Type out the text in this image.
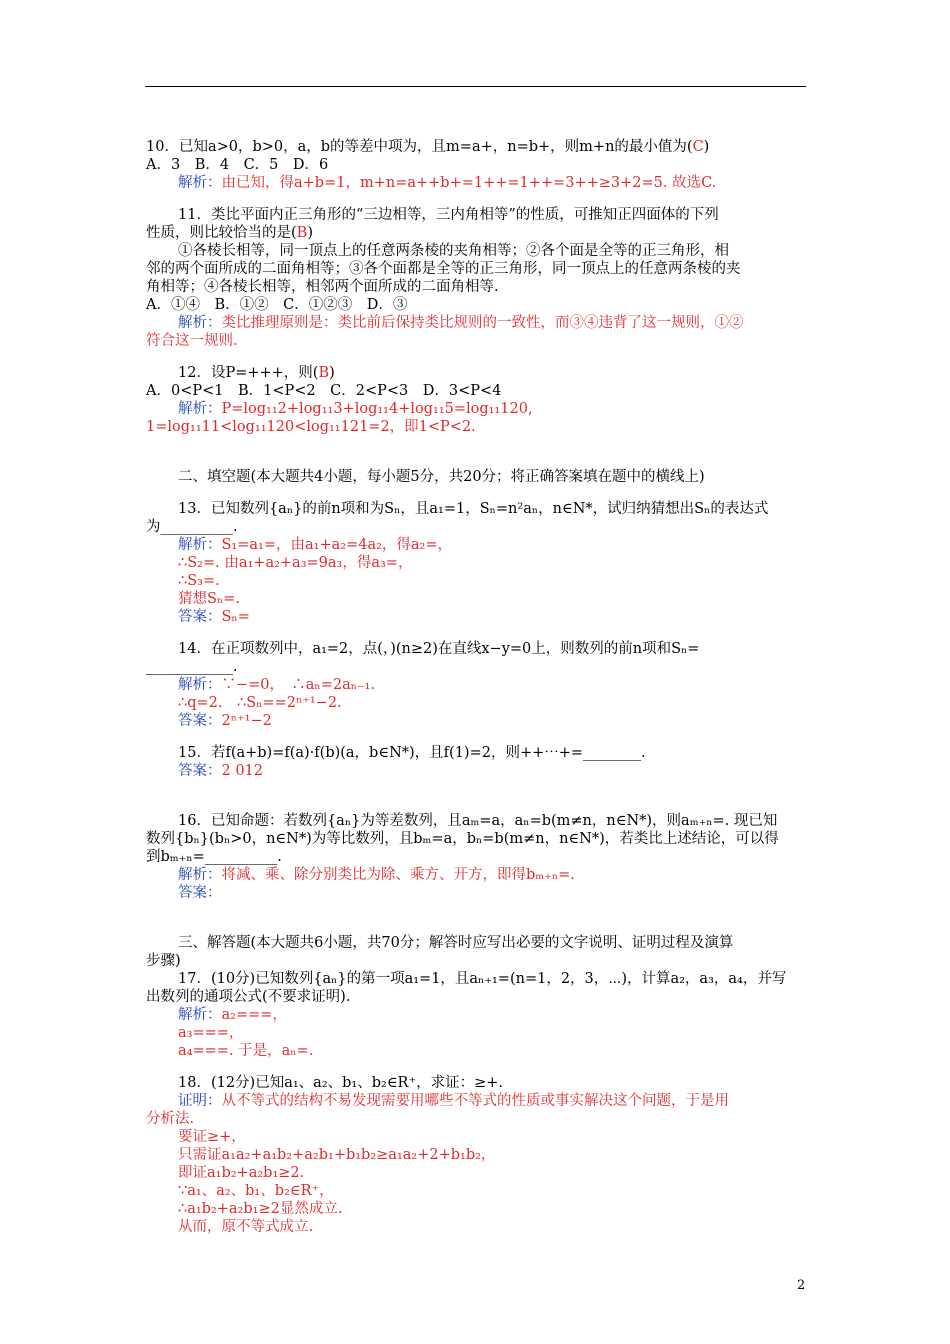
10．已知a>0，b>0，a，b的等差中项为，且m=a+，n=b+，则m+n的最小值为(C)

A．3　B．4　C．5　D．6

解析：由已知，得a+b=1，m+n=a++b+=1++=1++=3++≥3+2=5. 故选C.

11．类比平面内正三角形的“三边相等，三内角相等”的性质，可推知正四面体的下列

性质，则比较恰当的是(B)

①各棱长相等，同一顶点上的任意两条棱的夹角相等；②各个面是全等的正三角形，相

邻的两个面所成的二面角相等；③各个面都是全等的正三角形，同一顶点上的任意两条棱的夹

角相等；④各棱长相等，相邻两个面所成的二面角相等.

A．①④　B．①②　C．①②③　D．③

解析：类比推理原则是：类比前后保持类比规则的一致性，而③④违背了这一规则，①②

符合这一规则.

12．设P=+++，则(B)

A．0<P<1　B．1<P<2　C．2<P<3　D．3<P<4

解析：P=log₁₁2+log₁₁3+log₁₁4+log₁₁5=log₁₁120,

1=log₁₁11<log₁₁120<log₁₁121=2，即1<P<2.

二、填空题(本大题共4小题，每小题5分，共20分；将正确答案填在题中的横线上)

13．已知数列{aₙ}的前n项和为Sₙ，且a₁=1，Sₙ=n²aₙ，n∈N*，试归纳猜想出Sₙ的表达式

为__________.

解析：S₁=a₁=，由a₁+a₂=4a₂，得a₂=，

∴S₂=. 由a₁+a₂+a₃=9a₃，得a₃=，

∴S₃=.

猜想Sₙ=.

答案：Sₙ=

14．在正项数列中，a₁=2，点(，)(n≥2)在直线x−y=0上，则数列的前n项和Sₙ=

____________.

解析：∵−=0，　∴aₙ=2aₙ₋₁.

∴q=2.　∴Sₙ==2ⁿ⁺¹−2.

答案：2ⁿ⁺¹−2

15．若f(a+b)=f(a)·f(b)(a，b∈N*)，且f(1)=2，则++⋯+=________.

答案：2 012

16．已知命题：若数列{aₙ}为等差数列，且aₘ=a，aₙ=b(m≠n，n∈N*)，则aₘ₊ₙ=. 现已知

数列{bₙ}(bₙ>0，n∈N*)为等比数列，且bₘ=a，bₙ=b(m≠n，n∈N*)，若类比上述结论，可以得

到bₘ₊ₙ=__________.

解析：将减、乘、除分别类比为除、乘方、开方，即得bₘ₊ₙ=.

答案：

三、解答题(本大题共6小题，共70分；解答时应写出必要的文字说明、证明过程及演算

步骤)

17．(10分)已知数列{aₙ}的第一项a₁=1，且aₙ₊₁=(n=1，2，3，⋯)，计算a₂，a₃，a₄，并写

出数列的通项公式(不要求证明).

解析：a₂===，

a₃===，

a₄===. 于是，aₙ=.

18．(12分)已知a₁、a₂、b₁、b₂∈R⁺，求证：≥+.

证明：从不等式的结构不易发现需要用哪些不等式的性质或事实解决这个问题，于是用

分析法.

要证≥+，

只需证a₁a₂+a₁b₂+a₂b₁+b₁b₂≥a₁a₂+2+b₁b₂，

即证a₁b₂+a₂b₁≥2.

∵a₁、a₂、b₁、b₂∈R⁺，

∴a₁b₂+a₂b₁≥2显然成立.

从而，原不等式成立.

2
